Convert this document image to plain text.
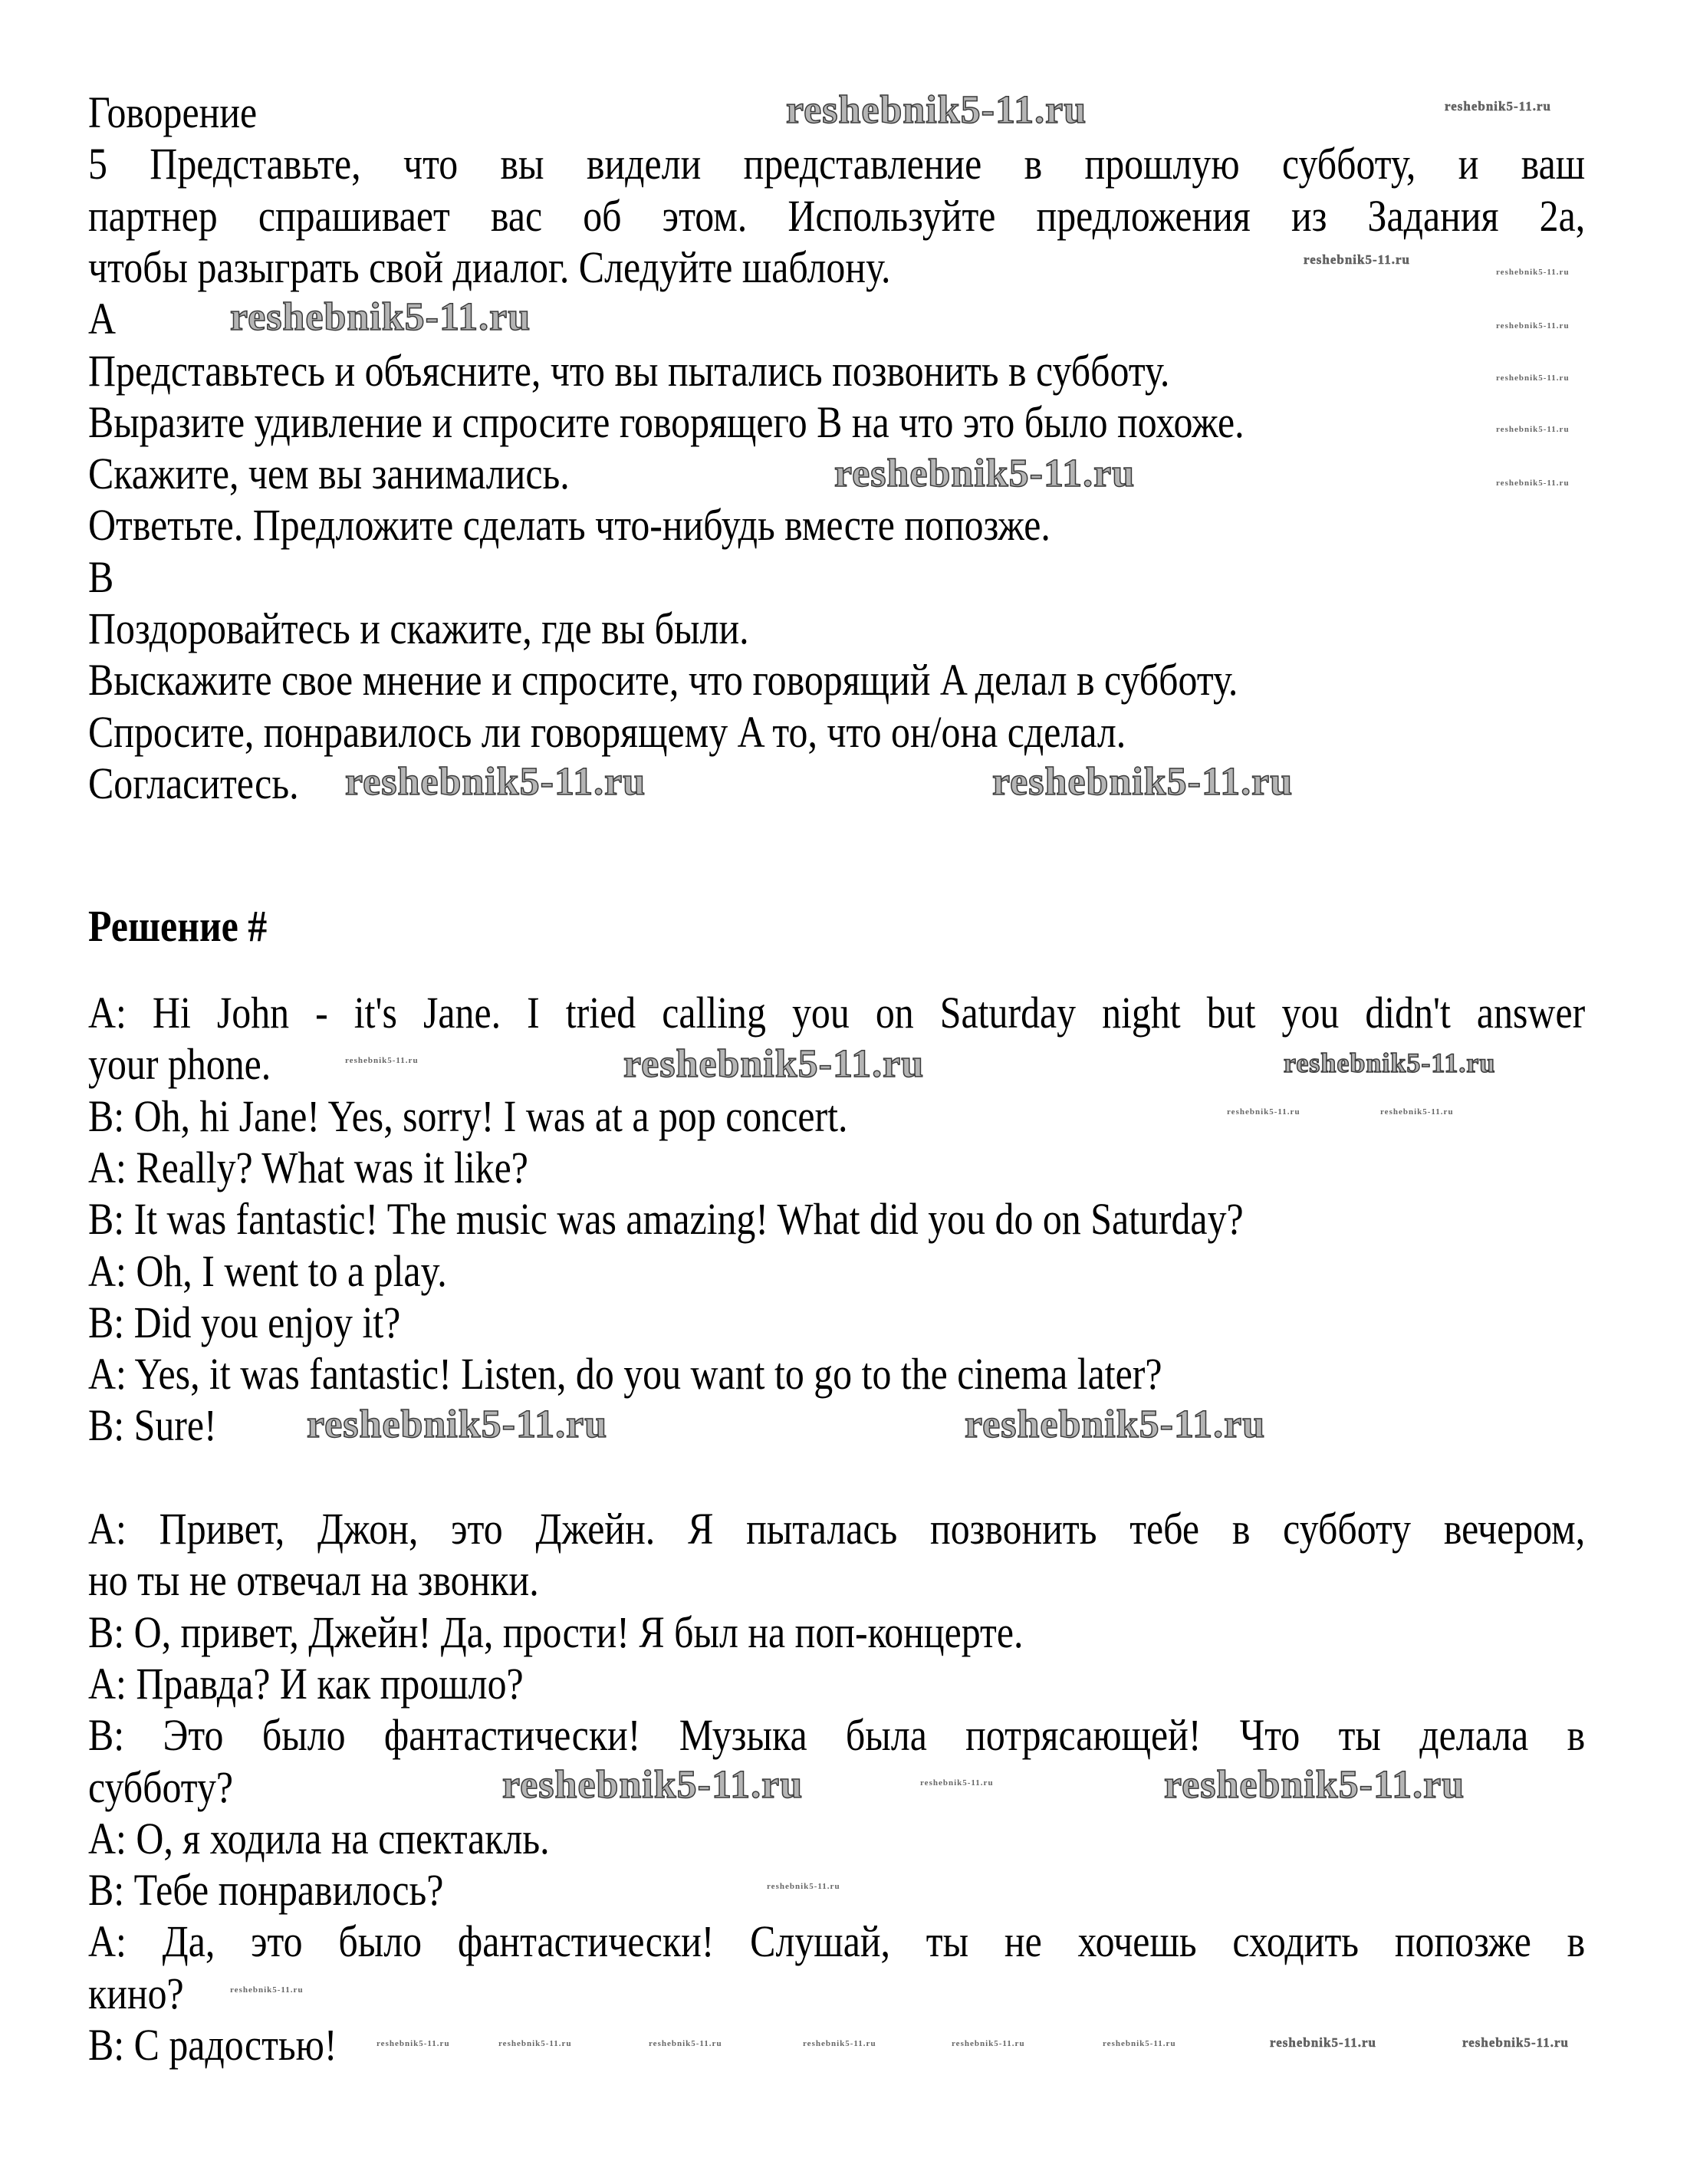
Говорение
5 Представьте, что вы видели представление в прошлую субботу, и ваш
партнер спрашивает вас об этом. Используйте предложения из Задания 2a,
чтобы разыграть свой диалог. Следуйте шаблону.
A
Представьтесь и объясните, что вы пытались позвонить в субботу.
Выразите удивление и спросите говорящего B на что это было похоже.
Скажите, чем вы занимались.
Ответьте. Предложите сделать что-нибудь вместе попозже.
B
Поздоровайтесь и скажите, где вы были.
Выскажите свое мнение и спросите, что говорящий A делал в субботу.
Спросите, понравилось ли говорящему A то, что он/она сделал.
Согласитесь.
Решение #
A: Hi John - it's Jane. I tried calling you on Saturday night but you didn't answer
your phone.
B: Oh, hi Jane! Yes, sorry! I was at a pop concert.
A: Really? What was it like?
B: It was fantastic! The music was amazing! What did you do on Saturday?
A: Oh, I went to a play.
B: Did you enjoy it?
A: Yes, it was fantastic! Listen, do you want to go to the cinema later?
B: Sure!
A: Привет, Джон, это Джейн. Я пыталась позвонить тебе в субботу вечером,
но ты не отвечал на звонки.
B: О, привет, Джейн! Да, прости! Я был на поп-концерте.
A: Правда? И как прошло?
B: Это было фантастически! Музыка была потрясающей! Что ты делала в
субботу?
A: О, я ходила на спектакль.
B: Тебе понравилось?
A: Да, это было фантастически! Слушай, ты не хочешь сходить попозже в
кино?
B: С радостью!
reshebnik5-11.ru	reshebnik5-11.ru
reshebnik5-11.ru
reshebnik5-11.ru
reshebnik5-11.ru	reshebnik5-11.ru
reshebnik5-11.ru
reshebnik5-11.ru
reshebnik5-11.ru	reshebnik5-11.ru
reshebnik5-11.ru	reshebnik5-11.ru
reshebnik5-11.ru	reshebnik5-11.ru	reshebnik5-11.ru
reshebnik5-11.ru	reshebnik5-11.ru
reshebnik5-11.ru	reshebnik5-11.ru
reshebnik5-11.ru	reshebnik5-11.ru	reshebnik5-11.ru
reshebnik5-11.ru
reshebnik5-11.ru
reshebnik5-11.ru	reshebnik5-11.ru	reshebnik5-11.ru	reshebnik5-11.ru	reshebnik5-11.ru	reshebnik5-11.ru	reshebnik5-11.ru	reshebnik5-11.ru
